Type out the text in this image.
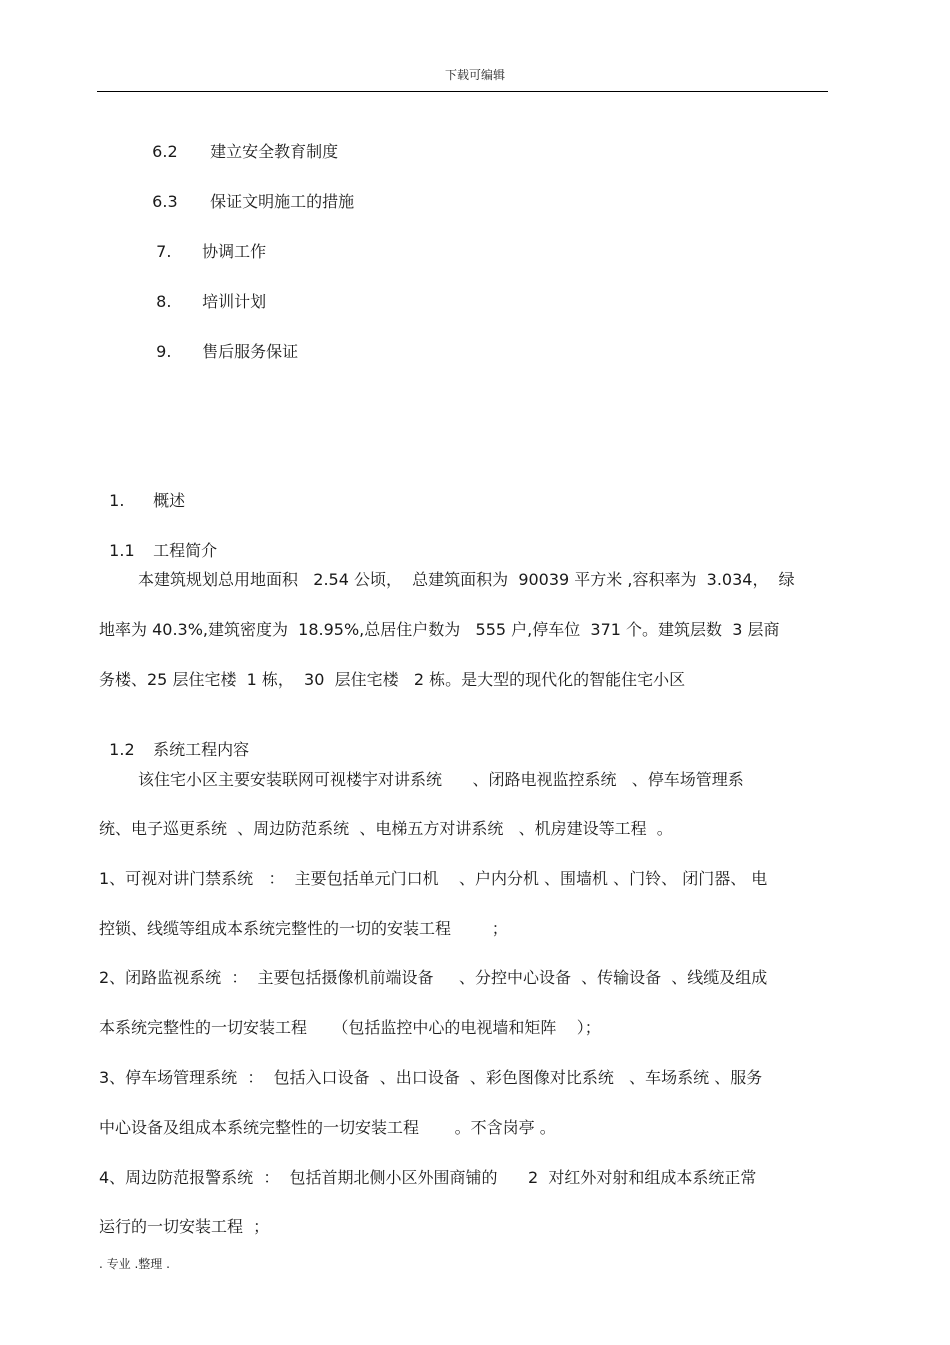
下载可编辑

6.2 建立安全教育制度

6.3 保证文明施工的措施

7. 协调工作

8. 培训计划

9. 售后服务保证

1. 概述

1.1 工程简介

本建筑规划总用地面积   2.54 公顷，  总建筑面积为  90039 平方米 ,容积率为  3.034，  绿
地率为 40.3%,建筑密度为  18.95%,总居住户数为   555 户,停车位  371 个。建筑层数  3 层商
务楼、25 层住宅楼  1 栋，  30  层住宅楼   2 栋。是大型的现代化的智能住宅小区

1.2 系统工程内容

该住宅小区主要安装联网可视楼宇对讲系统      、闭路电视监控系统   、停车场管理系
统、电子巡更系统  、周边防范系统  、电梯五方对讲系统   、机房建设等工程  。
1、可视对讲门禁系统   ：  主要包括单元门口机    、户内分机 、围墙机 、门铃、 闭门器、 电
控锁、线缆等组成本系统完整性的一切的安装工程        ；
2、闭路监视系统  ：  主要包括摄像机前端设备     、分控中心设备  、传输设备  、线缆及组成
本系统完整性的一切安装工程     （包括监控中心的电视墙和矩阵    ）；
3、停车场管理系统  ：  包括入口设备  、出口设备  、彩色图像对比系统   、车场系统 、服务
中心设备及组成本系统完整性的一切安装工程       。不含岗亭 。
4、周边防范报警系统  ：  包括首期北侧小区外围商铺的      2  对红外对射和组成本系统正常
运行的一切安装工程  ；
. 专业 .整理 .
